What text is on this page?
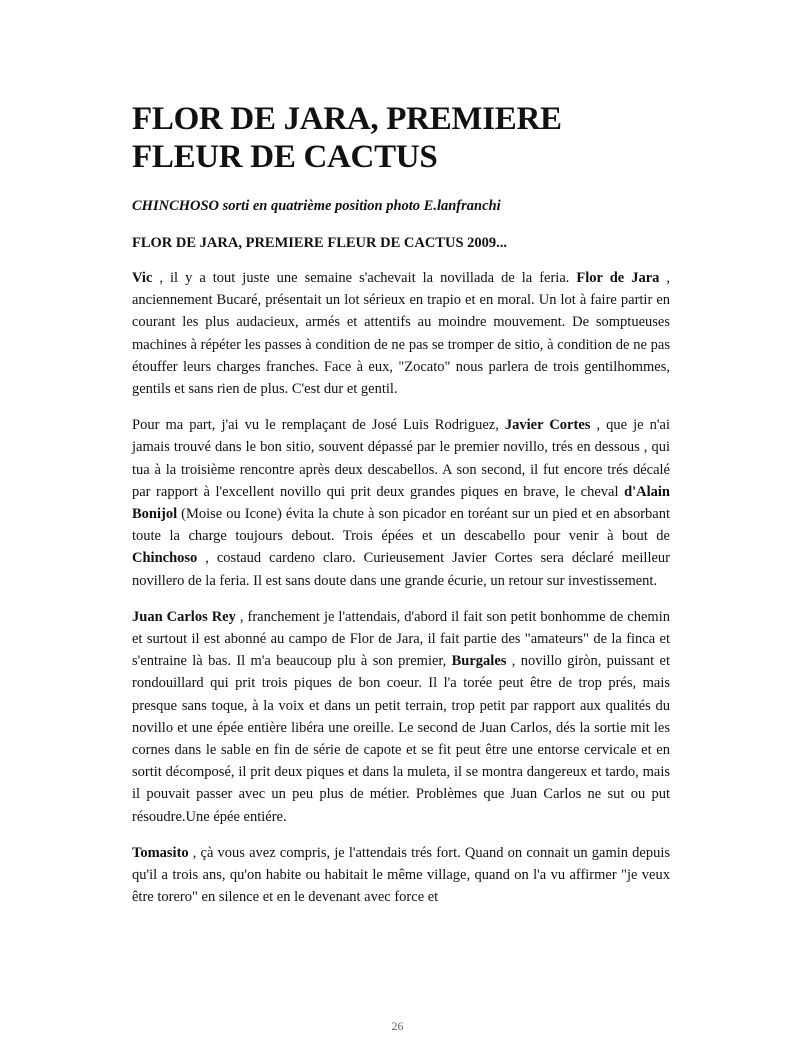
FLOR DE JARA, PREMIERE FLEUR DE CACTUS

CHINCHOSO sorti en quatrième position photo E.lanfranchi

FLOR DE JARA, PREMIERE FLEUR DE CACTUS 2009...

Vic , il y a tout juste une semaine s'achevait la novillada de la feria. Flor de Jara , anciennement Bucaré, présentait un lot sérieux en trapio et en moral. Un lot à faire partir en courant les plus audacieux, armés et attentifs au moindre mouvement. De somptueuses machines à répéter les passes à condition de ne pas se tromper de sitio, à condition de ne pas étouffer leurs charges franches. Face à eux, "Zocato" nous parlera de trois gentilhommes, gentils et sans rien de plus. C'est dur et gentil.

Pour ma part, j'ai vu le remplaçant de José Luis Rodriguez, Javier Cortes , que je n'ai jamais trouvé dans le bon sitio, souvent dépassé par le premier novillo, trés en dessous , qui tua à la troisième rencontre après deux descabellos. A son second, il fut encore trés décalé par rapport à l'excellent novillo qui prit deux grandes piques en brave, le cheval d'Alain Bonijol (Moise ou Icone) évita la chute à son picador en toréant sur un pied et en absorbant toute la charge toujours debout. Trois épées et un descabello pour venir à bout de Chinchoso , costaud cardeno claro. Curieusement Javier Cortes sera déclaré meilleur novillero de la feria. Il est sans doute dans une grande écurie, un retour sur investissement.

Juan Carlos Rey , franchement je l'attendais, d'abord il fait son petit bonhomme de chemin et surtout il est abonné au campo de Flor de Jara, il fait partie des "amateurs" de la finca et s'entraine là bas. Il m'a beaucoup plu à son premier, Burgales , novillo giròn, puissant et rondouillard qui prit trois piques de bon coeur. Il l'a torée peut être de trop prés, mais presque sans toque, à la voix et dans un petit terrain, trop petit par rapport aux qualités du novillo et une épée entière libéra une oreille. Le second de Juan Carlos, dés la sortie mit les cornes dans le sable en fin de série de capote et se fit peut être une entorse cervicale et en sortit décomposé, il prit deux piques et dans la muleta, il se montra dangereux et tardo, mais il pouvait passer avec un peu plus de métier. Problèmes que Juan Carlos ne sut ou put résoudre.Une épée entiére.

Tomasito , çà vous avez compris, je l'attendais trés fort. Quand on connait un gamin depuis qu'il a trois ans, qu'on habite ou habitait le même village, quand on l'a vu affirmer "je veux être torero" en silence et en le devenant avec force et

26
